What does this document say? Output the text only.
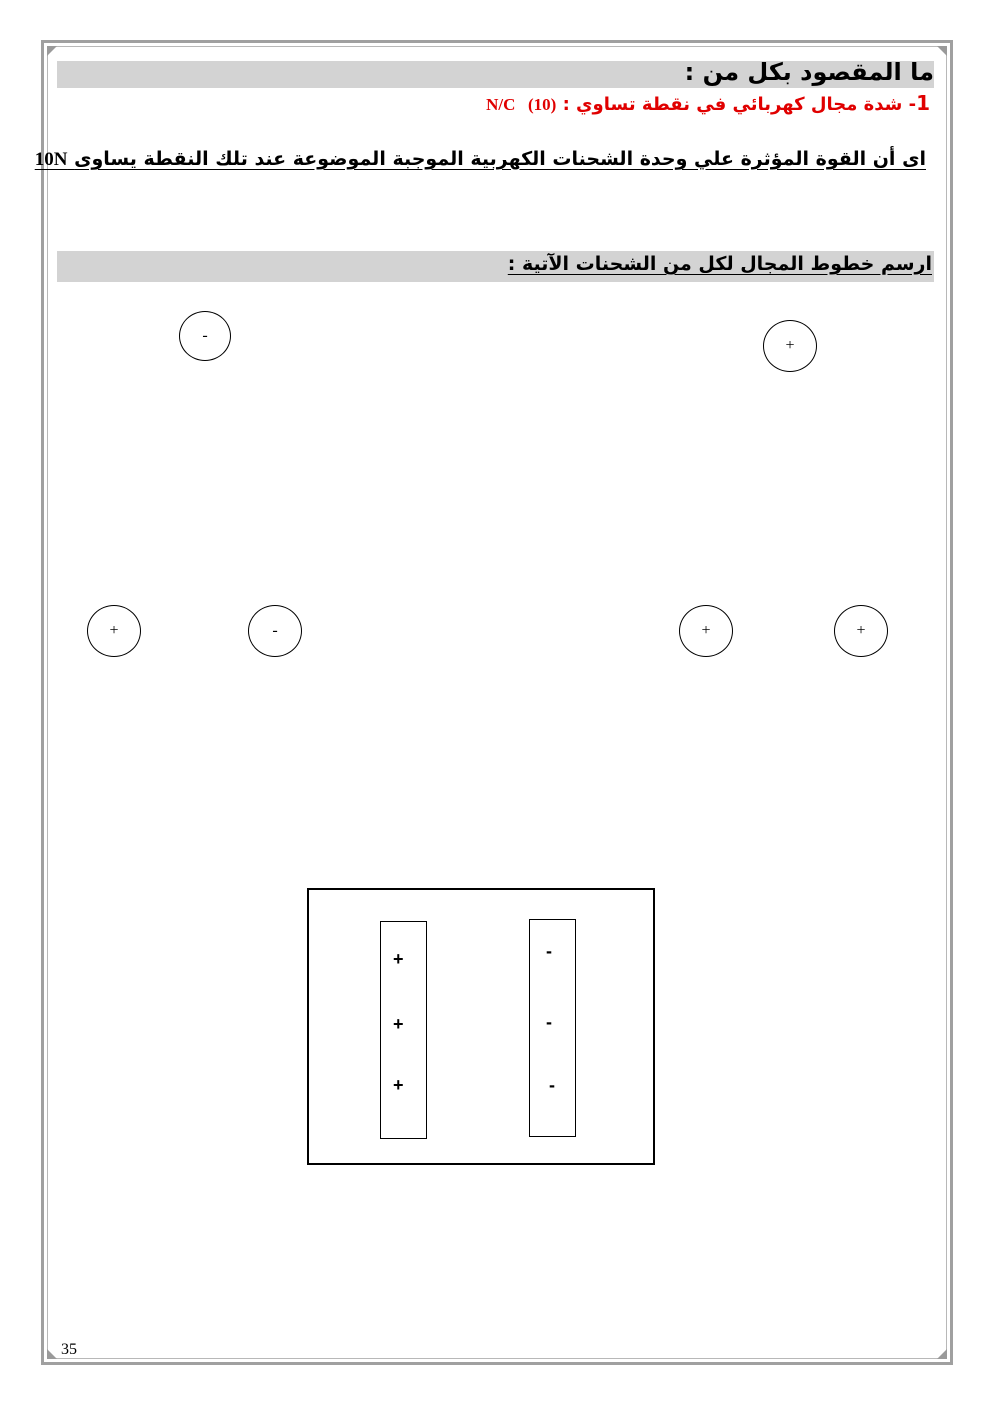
ما المقصود بكل من :
1- شدة مجال كهربائي في نقطة تساوي : N/C (10)
اى أن القوة المؤثرة علي وحدة الشحنات الكهربية الموجبة الموضوعة عند تلك النقطة يساوى 10N
ارسم خطوط المجال لكل من الشحنات الآتية :
-
+
+	-	+	+
+
+
+
-
-
-
35
